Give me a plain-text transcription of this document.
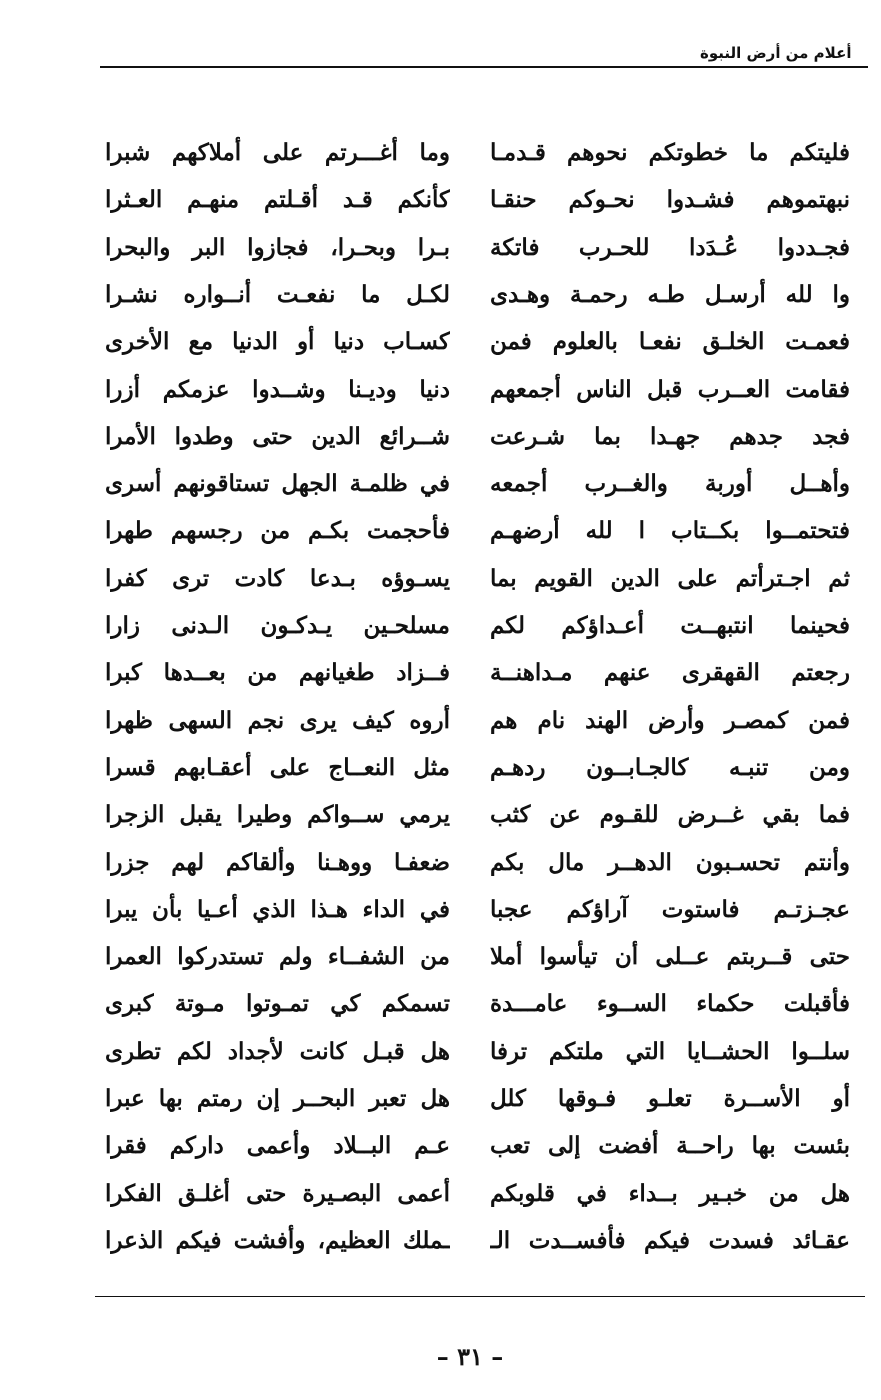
أعلام من أرض النبوة
فليتكم ما خطوتكم نحوهم قـدمـا
وما أغـــرتم على أملاكهم شبرا
نبهتموهم فشـدوا نحـوكم حنقـا
كأنكم قـد أقـلتم منهـم العـثرا
فجـددوا عُـدَدا للحـرب فاتكة
بـرا وبحـرا، فجازوا البر والبحرا
وا لله أرسـل طـه رحمـة وهـدى
لكـل ما نفعـت أنــواره نشـرا
فعمـت الخلـق نفعـا بالعلوم فمن
كسـاب دنيا أو الدنيا مع الأخرى
فقامت العــرب قبل الناس أجمعهم
دنيا وديـنا وشــدوا عزمكم أزرا
فجد جدهم جهـدا بما شـرعت
شــرائع الدين حتى وطدوا الأمرا
وأهــل أوربة والغــرب أجمعه
في ظلمـة الجهل تستاقونهم أسرى
فتحتمــوا بكــتاب ا لله أرضهـم
فأحجمت بكـم من رجسهم طهرا
ثم اجـترأتم على الدين القويم بما
يسـوؤه بـدعا كادت ترى كفرا
فحينما انتبهــت أعـداؤكم لكم
مسلحـين يـدكـون الـدنى زارا
رجعتم القهقرى عنهم مـداهنــة
فــزاد طغيانهم من بعــدها كبرا
فمن كمصـر وأرض الهند نام هم
أروه كيف يرى نجم السهى ظهرا
ومن تنبـه كالجـابــون ردهـم
مثل النعــاج على أعقـابهم قسرا
فما بقي غــرض للقـوم عن كثب
يرمي ســواكم وطيرا يقبل الزجرا
وأنتم تحسـبون الدهــر مال بكم
ضعفـا ووهـنا وألقاكم لهم جزرا
عجـزتـم فاستوت آراؤكم عجبا
في الداء هـذا الذي أعـيا بأن يبرا
حتى قــربتم عــلى أن تيأسوا أملا
من الشفــاء ولم تستدركوا العمرا
فأقبلت حكماء الســوء عامـــدة
تسمكم كي تمـوتوا مـوتة كبرى
سلــوا الحشــايا التي ملتكم ترفا
هل قبـل كانت لأجداد لكم تطرى
أو الأســرة تعلـو فـوقها كلل
هل تعبر البحــر إن رمتم بها عبرا
بئست بها راحــة أفضت إلى تعب
عـم البــلاد وأعمى داركم فقرا
هل من خبـير بــداء في قلوبكم
أعمى البصـيرة حتى أغلـق الفكرا
عقـائد فسدت فيكم فأفســدت الـ
ـملك العظيم، وأفشت فيكم الذعرا
– ٣١ –
